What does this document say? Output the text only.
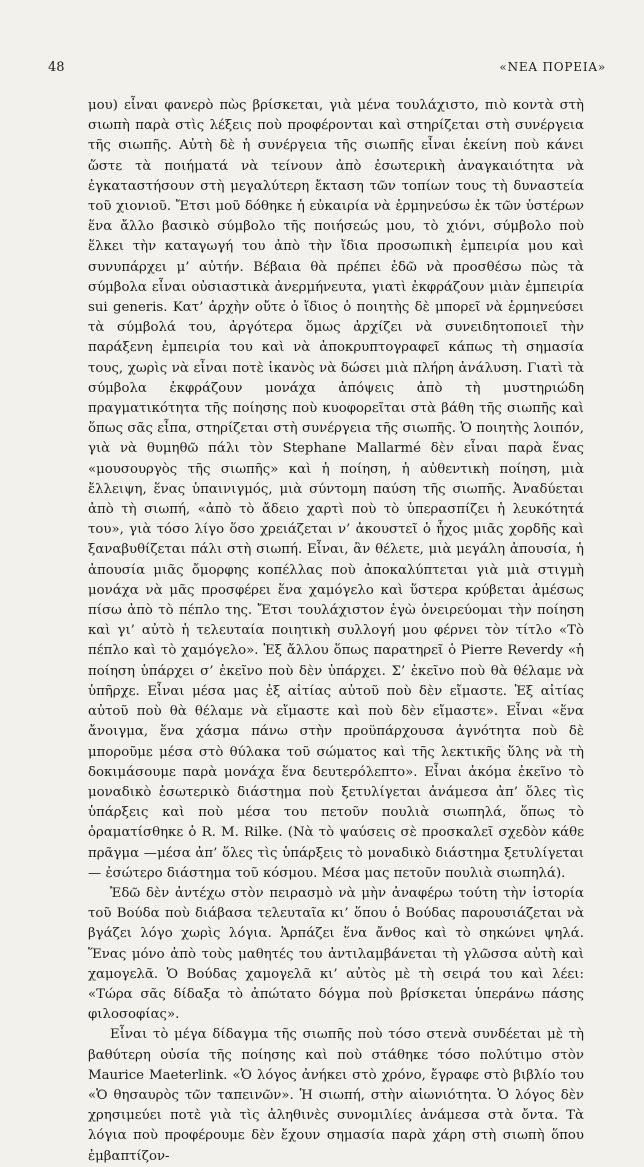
48	«ΝΕΑ ΠΟΡΕΙΑ»

μου) εἶναι φανερὸ πὼς βρίσκεται, γιὰ μένα τουλάχιστο, πιὸ κοντὰ στὴ σιωπὴ παρὰ στὶς λέξεις ποὺ προφέρονται καὶ στηρίζεται στὴ συνέργεια τῆς σιωπῆς. Αὐτὴ δὲ ἡ συνέργεια τῆς σιωπῆς εἶναι ἐκείνη ποὺ κάνει ὥστε τὰ ποιήματά νὰ τείνουν ἀπὸ ἐσωτερικὴ ἀναγκαιότητα νὰ ἐγκαταστήσουν στὴ μεγαλύτερη ἔκταση τῶν τοπίων τους τὴ δυναστεία τοῦ χιονιοῦ. Ἔτσι μοῦ δόθηκε ἡ εὐκαιρία νὰ ἑρμηνεύσω ἐκ τῶν ὑστέρων ἕνα ἄλλο βασικὸ σύμβολο τῆς ποιήσεώς μου, τὸ χιόνι, σύμβολο ποὺ ἕλκει τὴν καταγωγή του ἀπὸ τὴν ἴδια προσωπικὴ ἐμπειρία μου καὶ συνυπάρχει μ’ αὐτήν. Βέβαια θὰ πρέπει ἐδῶ νὰ προσθέσω πὼς τὰ σύμβολα εἶναι οὐσιαστικὰ ἀνερμήνευτα, γιατὶ ἐκφράζουν μιὰν ἐμπειρία sui generis. Κατ’ ἀρχὴν οὔτε ὁ ἴδιος ὁ ποιητὴς δὲ μπορεῖ νὰ ἑρμηνεύσει τὰ σύμβολά του, ἀργότερα ὅμως ἀρχίζει νὰ συνειδητοποιεῖ τὴν παράξενη ἐμπειρία του καὶ νὰ ἀποκρυπτογραφεῖ κάπως τὴ σημασία τους, χωρὶς νὰ εἶναι ποτὲ ἱκανὸς νὰ δώσει μιὰ πλήρη ἀνάλυση. Γιατὶ τὰ σύμβολα ἐκφράζουν μονάχα ἀπόψεις ἀπὸ τὴ μυστηριώδη πραγματικότητα τῆς ποίησης ποὺ κυοφορεῖται στὰ βάθη τῆς σιωπῆς καὶ ὅπως σᾶς εἶπα, στηρίζεται στὴ συνέργεια τῆς σιωπῆς. Ὁ ποιητὴς λοιπόν, γιὰ νὰ θυμηθῶ πάλι τὸν Stephane Mallarmé δὲν εἶναι παρὰ ἕνας «μουσουργὸς τῆς σιωπῆς» καὶ ἡ ποίηση, ἡ αὐθεντικὴ ποίηση, μιὰ ἔλλειψη, ἕνας ὑπαινιγμός, μιὰ σύντομη παύση τῆς σιωπῆς. Ἀναδύεται ἀπὸ τὴ σιωπή, «ἀπὸ τὸ ἄδειο χαρτὶ ποὺ τὸ ὑπερασπίζει ἡ λευκότητά του», γιὰ τόσο λίγο ὅσο χρειάζεται ν’ ἀκουστεῖ ὁ ἦχος μιᾶς χορδῆς καὶ ξαναβυθίζεται πάλι στὴ σιωπή. Εἶναι, ἂν θέλετε, μιὰ μεγάλη ἀπουσία, ἡ ἀπουσία μιᾶς ὄμορφης κοπέλλας ποὺ ἀποκαλύπτεται γιὰ μιὰ στιγμὴ μονάχα νὰ μᾶς προσφέρει ἕνα χαμόγελο καὶ ὕστερα κρύβεται ἀμέσως πίσω ἀπὸ τὸ πέπλο της. Ἔτσι τουλάχιστον ἐγὼ ὀνειρεύομαι τὴν ποίηση καὶ γι’ αὐτὸ ἡ τελευταία ποιητικὴ συλλογή μου φέρνει τὸν τίτλο «Τὸ πέπλο καὶ τὸ χαμόγελο». Ἐξ ἄλλου ὅπως παρατηρεῖ ὁ Pierre Reverdy «ἡ ποίηση ὑπάρχει σ’ ἐκεῖνο ποὺ δὲν ὑπάρχει. Σ’ ἐκεῖνο ποὺ θὰ θέλαμε νὰ ὑπῆρχε. Εἶναι μέσα μας ἐξ αἰτίας αὐτοῦ ποὺ δὲν εἴμαστε. Ἐξ αἰτίας αὐτοῦ ποὺ θὰ θέλαμε νὰ εἴμαστε καὶ ποὺ δὲν εἴμαστε». Εἶναι «ἕνα ἄνοιγμα, ἕνα χάσμα πάνω στὴν προϋπάρχουσα ἀγνότητα ποὺ δὲ μποροῦμε μέσα στὸ θύλακα τοῦ σώματος καὶ τῆς λεκτικῆς ὕλης νὰ τὴ δοκιμάσουμε παρὰ μονάχα ἕνα δευτερόλεπτο». Εἶναι ἀκόμα ἐκεῖνο τὸ μοναδικὸ ἐσωτερικὸ διάστημα ποὺ ξετυλίγεται ἀνάμεσα ἀπ’ ὅλες τὶς ὑπάρξεις καὶ ποὺ μέσα του πετοῦν πουλιὰ σιωπηλά, ὅπως τὸ ὁραματίσθηκε ὁ R. M. Rilke. (Νὰ τὸ ψαύσεις σὲ προσκαλεῖ σχεδὸν κάθε πρᾶγμα —μέσα ἀπ’ ὅλες τὶς ὑπάρξεις τὸ μοναδικὸ διάστημα ξετυλίγεται— ἐσώτερο διάστημα τοῦ κόσμου. Μέσα μας πετοῦν πουλιὰ σιωπηλά).

Ἐδῶ δὲν ἀντέχω στὸν πειρασμὸ νὰ μὴν ἀναφέρω τούτη τὴν ἱστορία τοῦ Βούδα ποὺ διάβασα τελευταῖα κι’ ὅπου ὁ Βούδας παρουσιάζεται νὰ βγάζει λόγο χωρὶς λόγια. Ἁρπάζει ἕνα ἄνθος καὶ τὸ σηκώνει ψηλά. Ἕνας μόνο ἀπὸ τοὺς μαθητές του ἀντιλαμβάνεται τὴ γλῶσσα αὐτὴ καὶ χαμογελᾶ. Ὁ Βούδας χαμογελᾶ κι’ αὐτὸς μὲ τὴ σειρά του καὶ λέει: «Τώρα σᾶς δίδαξα τὸ ἀπώτατο δόγμα ποὺ βρίσκεται ὑπεράνω πάσης φιλοσοφίας».

Εἶναι τὸ μέγα δίδαγμα τῆς σιωπῆς ποὺ τόσο στενὰ συνδέεται μὲ τὴ βαθύτερη οὐσία τῆς ποίησης καὶ ποὺ στάθηκε τόσο πολύτιμο στὸν Maurice Maeterlink. «Ὁ λόγος ἀνήκει στὸ χρόνο, ἔγραφε στὸ βιβλίο του «Ὁ θησαυρὸς τῶν ταπεινῶν». Ἡ σιωπή, στὴν αἰωνιότητα. Ὁ λόγος δὲν χρησιμεύει ποτὲ γιὰ τὶς ἀληθινὲς συνομιλίες ἀνάμεσα στὰ ὄντα. Τὰ λόγια ποὺ προφέρουμε δὲν ἔχουν σημασία παρὰ χάρη στὴ σιωπὴ ὅπου ἐμβαπτίζον-
